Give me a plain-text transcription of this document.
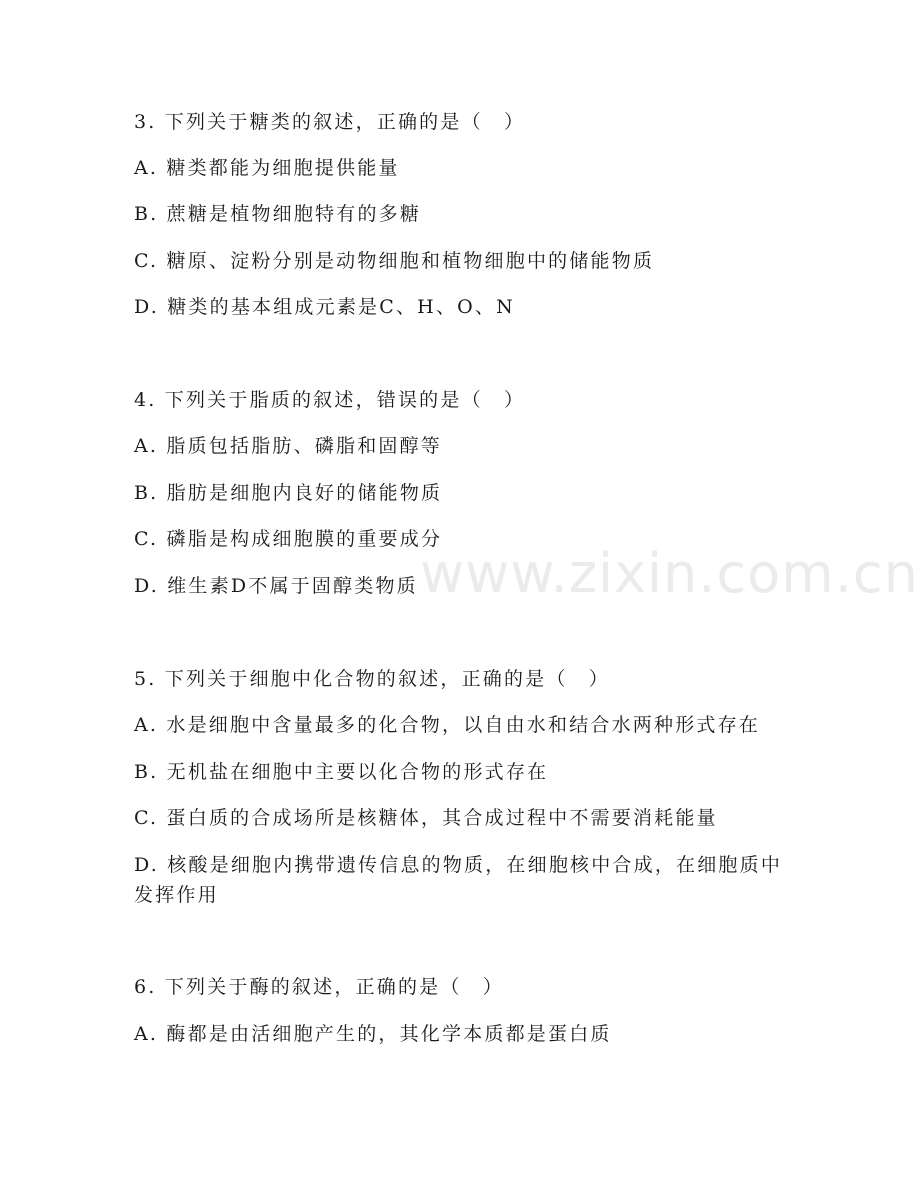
www.zixin.com.cn
3. 下列关于糖类的叙述，正确的是（　）
A. 糖类都能为细胞提供能量
B. 蔗糖是植物细胞特有的多糖
C. 糖原、淀粉分别是动物细胞和植物细胞中的储能物质
D. 糖类的基本组成元素是C、H、O、N
4. 下列关于脂质的叙述，错误的是（　）
A. 脂质包括脂肪、磷脂和固醇等
B. 脂肪是细胞内良好的储能物质
C. 磷脂是构成细胞膜的重要成分
D. 维生素D不属于固醇类物质
5. 下列关于细胞中化合物的叙述，正确的是（　）
A. 水是细胞中含量最多的化合物，以自由水和结合水两种形式存在
B. 无机盐在细胞中主要以化合物的形式存在
C. 蛋白质的合成场所是核糖体，其合成过程中不需要消耗能量
D. 核酸是细胞内携带遗传信息的物质，在细胞核中合成，在细胞质中发挥作用
6. 下列关于酶的叙述，正确的是（　）
A. 酶都是由活细胞产生的，其化学本质都是蛋白质
